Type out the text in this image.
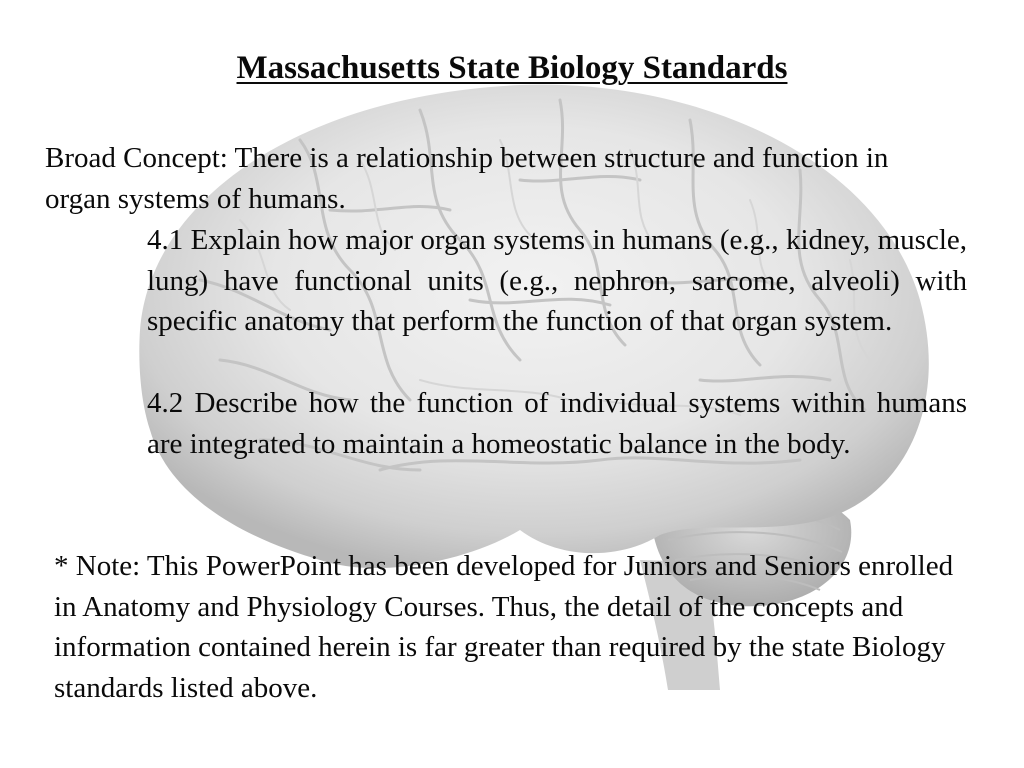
Massachusetts State Biology Standards
Broad Concept: There is a relationship between structure and function in organ systems of humans.
4.1 Explain how major organ systems in humans (e.g., kidney, muscle, lung) have functional units (e.g., nephron, sarcome, alveoli) with specific anatomy that perform the function of that organ system.
4.2 Describe how the function of individual systems within humans are integrated to maintain a homeostatic balance in the body.
* Note: This PowerPoint has been developed for Juniors and Seniors enrolled in Anatomy and Physiology Courses. Thus, the detail of the concepts and information contained herein is far greater than required by the state Biology standards listed above.
